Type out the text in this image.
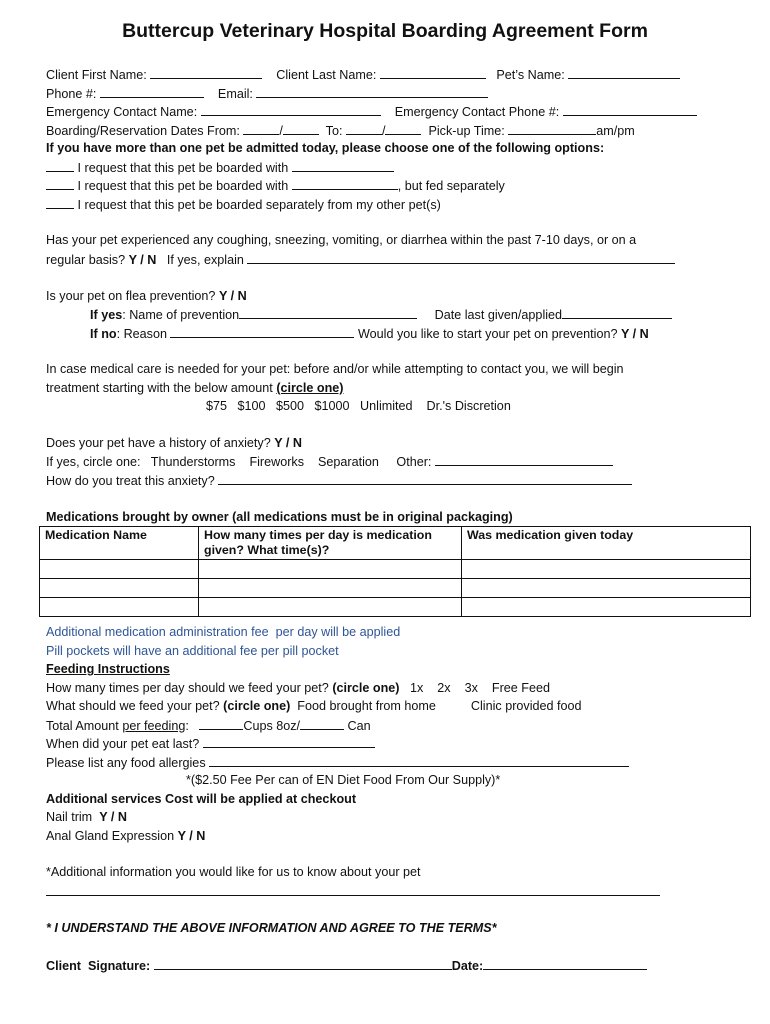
Buttercup Veterinary Hospital Boarding Agreement Form
Client First Name:	Client Last Name:	Pet’s Name:
Phone #:	Email:
Emergency Contact Name:	Emergency Contact Phone #:
Boarding/Reservation Dates From:	/	To:	/	Pick-up Time:	am/pm
If you have more than one pet be admitted today, please choose one of the following options:
I request that this pet be boarded with
I request that this pet be boarded with	, but fed separately
I request that this pet be boarded separately from my other pet(s)
Has your pet experienced any coughing, sneezing, vomiting, or diarrhea within the past 7-10 days, or on a
regular basis? Y / N If yes, explain
Is your pet on flea prevention? Y / N
If yes: Name of prevention	Date last given/applied
If no: Reason	Would you like to start your pet on prevention? Y / N
In case medical care is needed for your pet: before and/or while attempting to contact you, we will begin
treatment starting with the below amount (circle one)
$75   $100   $500   $1000   Unlimited    Dr.'s Discretion
Does your pet have a history of anxiety? Y / N
If yes, circle one:   Thunderstorms    Fireworks    Separation     Other:
How do you treat this anxiety?
Medications brought by owner (all medications must be in original packaging)
Medication Name	How many times per day is medication given? What time(s)?	Was medication given today

Additional medication administration fee  per day will be applied
Pill pockets will have an additional fee per pill pocket
Feeding Instructions
How many times per day should we feed your pet? (circle one)   1x    2x    3x    Free Feed
What should we feed your pet? (circle one)  Food brought from home          Clinic provided food
Total Amount per feeding:	Cups 8oz/	Can
When did your pet eat last?
Please list any food allergies
*($2.50 Fee Per can of EN Diet Food From Our Supply)*
Additional services Cost will be applied at checkout
Nail trim Y / N
Anal Gland Expression Y / N
*Additional information you would like for us to know about your pet
* I UNDERSTAND THE ABOVE INFORMATION AND AGREE TO THE TERMS*
Client  Signature:	Date:
